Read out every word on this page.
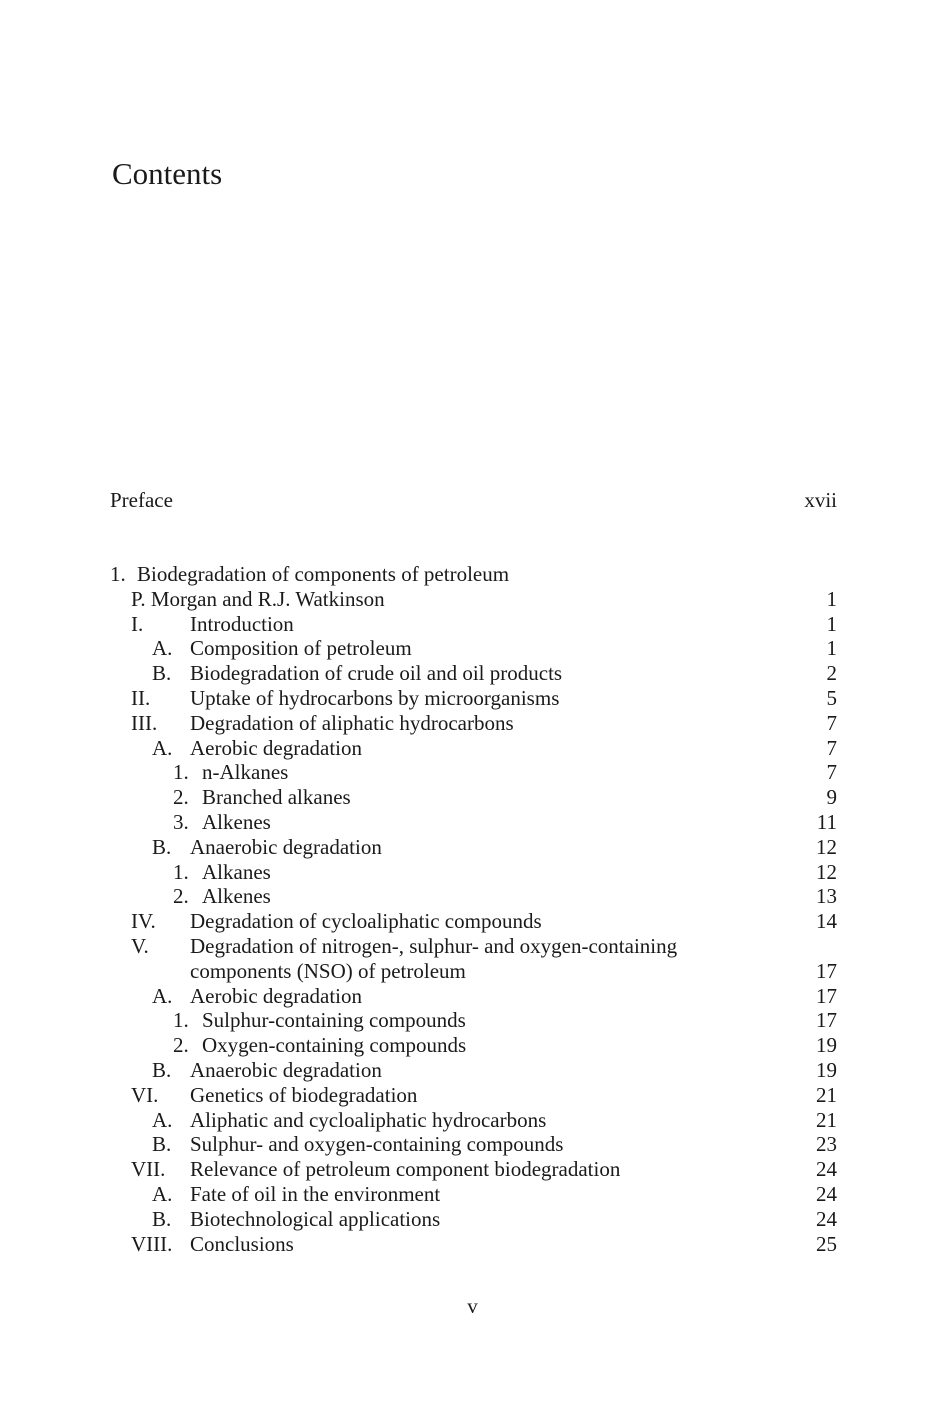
Contents
Preface	xvii
1. Biodegradation of components of petroleum
P. Morgan and R.J. Watkinson	1
I. Introduction	1
A. Composition of petroleum	1
B. Biodegradation of crude oil and oil products	2
II. Uptake of hydrocarbons by microorganisms	5
III. Degradation of aliphatic hydrocarbons	7
A. Aerobic degradation	7
1. n-Alkanes	7
2. Branched alkanes	9
3. Alkenes	11
B. Anaerobic degradation	12
1. Alkanes	12
2. Alkenes	13
IV. Degradation of cycloaliphatic compounds	14
V. Degradation of nitrogen-, sulphur- and oxygen-containing
components (NSO) of petroleum	17
A. Aerobic degradation	17
1. Sulphur-containing compounds	17
2. Oxygen-containing compounds	19
B. Anaerobic degradation	19
VI. Genetics of biodegradation	21
A. Aliphatic and cycloaliphatic hydrocarbons	21
B. Sulphur- and oxygen-containing compounds	23
VII. Relevance of petroleum component biodegradation	24
A. Fate of oil in the environment	24
B. Biotechnological applications	24
VIII. Conclusions	25
v
